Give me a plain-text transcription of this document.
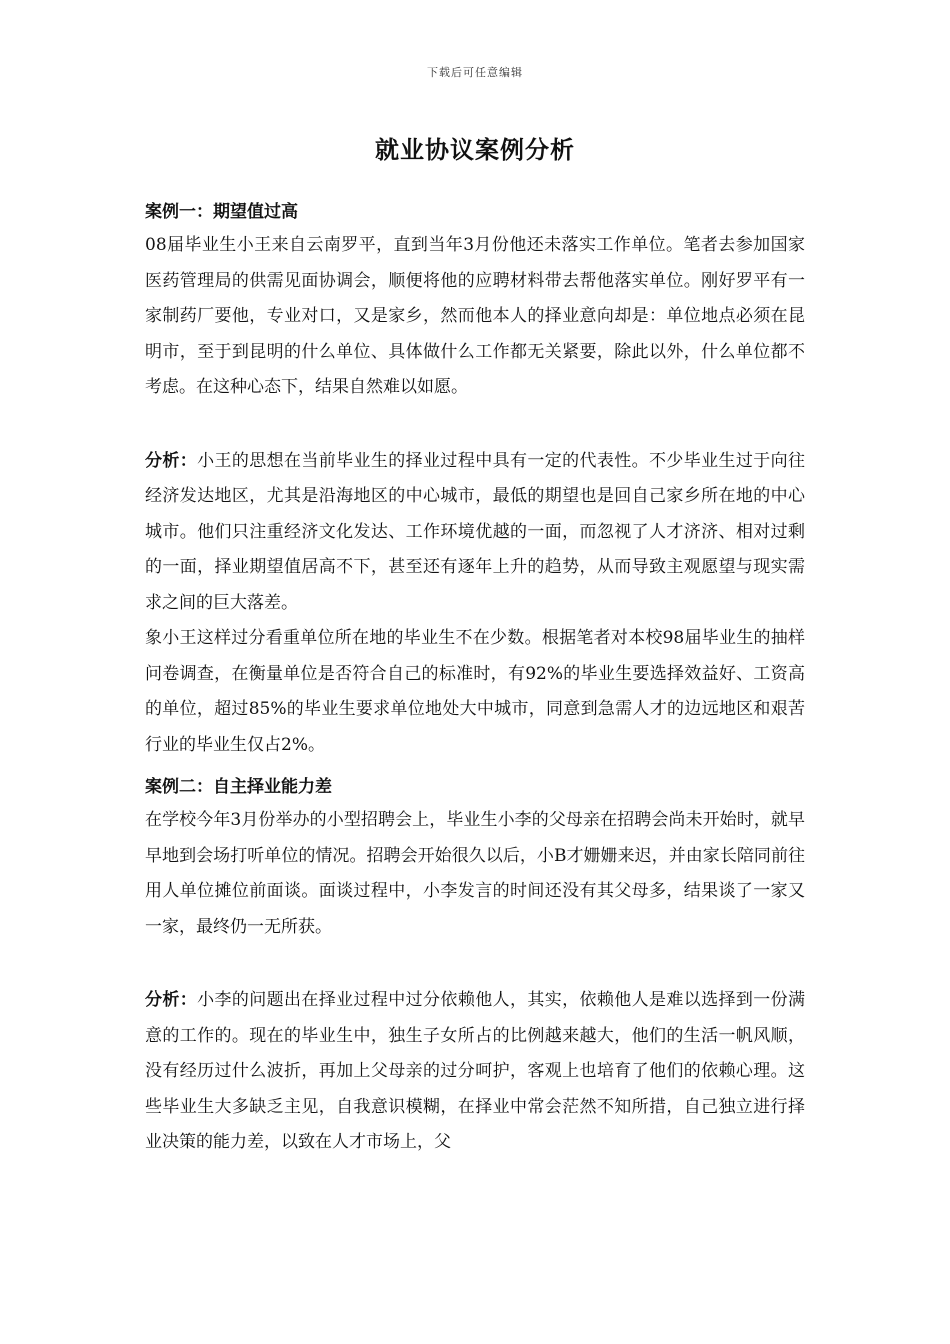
下载后可任意编辑
就业协议案例分析
案例一：期望值过高

08届毕业生小王来自云南罗平，直到当年3月份他还未落实工作单位。笔者去参加国家医药管理局的供需见面协调会，顺便将他的应聘材料带去帮他落实单位。刚好罗平有一家制药厂要他，专业对口，又是家乡，然而他本人的择业意向却是：单位地点必须在昆明市，至于到昆明的什么单位、具体做什么工作都无关紧要，除此以外，什么单位都不考虑。在这种心态下，结果自然难以如愿。

分析：小王的思想在当前毕业生的择业过程中具有一定的代表性。不少毕业生过于向往经济发达地区，尤其是沿海地区的中心城市，最低的期望也是回自己家乡所在地的中心城市。他们只注重经济文化发达、工作环境优越的一面，而忽视了人才济济、相对过剩的一面，择业期望值居高不下，甚至还有逐年上升的趋势，从而导致主观愿望与现实需求之间的巨大落差。

象小王这样过分看重单位所在地的毕业生不在少数。根据笔者对本校98届毕业生的抽样问卷调查，在衡量单位是否符合自己的标准时，有92%的毕业生要选择效益好、工资高的单位，超过85%的毕业生要求单位地处大中城市，同意到急需人才的边远地区和艰苦行业的毕业生仅占2%。

案例二：自主择业能力差

在学校今年3月份举办的小型招聘会上，毕业生小李的父母亲在招聘会尚未开始时，就早早地到会场打听单位的情况。招聘会开始很久以后，小B才姗姗来迟，并由家长陪同前往用人单位摊位前面谈。面谈过程中，小李发言的时间还没有其父母多，结果谈了一家又一家，最终仍一无所获。

分析：小李的问题出在择业过程中过分依赖他人，其实，依赖他人是难以选择到一份满意的工作的。现在的毕业生中，独生子女所占的比例越来越大，他们的生活一帆风顺，没有经历过什么波折，再加上父母亲的过分呵护，客观上也培育了他们的依赖心理。这些毕业生大多缺乏主见，自我意识模糊，在择业中常会茫然不知所措，自己独立进行择业决策的能力差，以致在人才市场上，父
